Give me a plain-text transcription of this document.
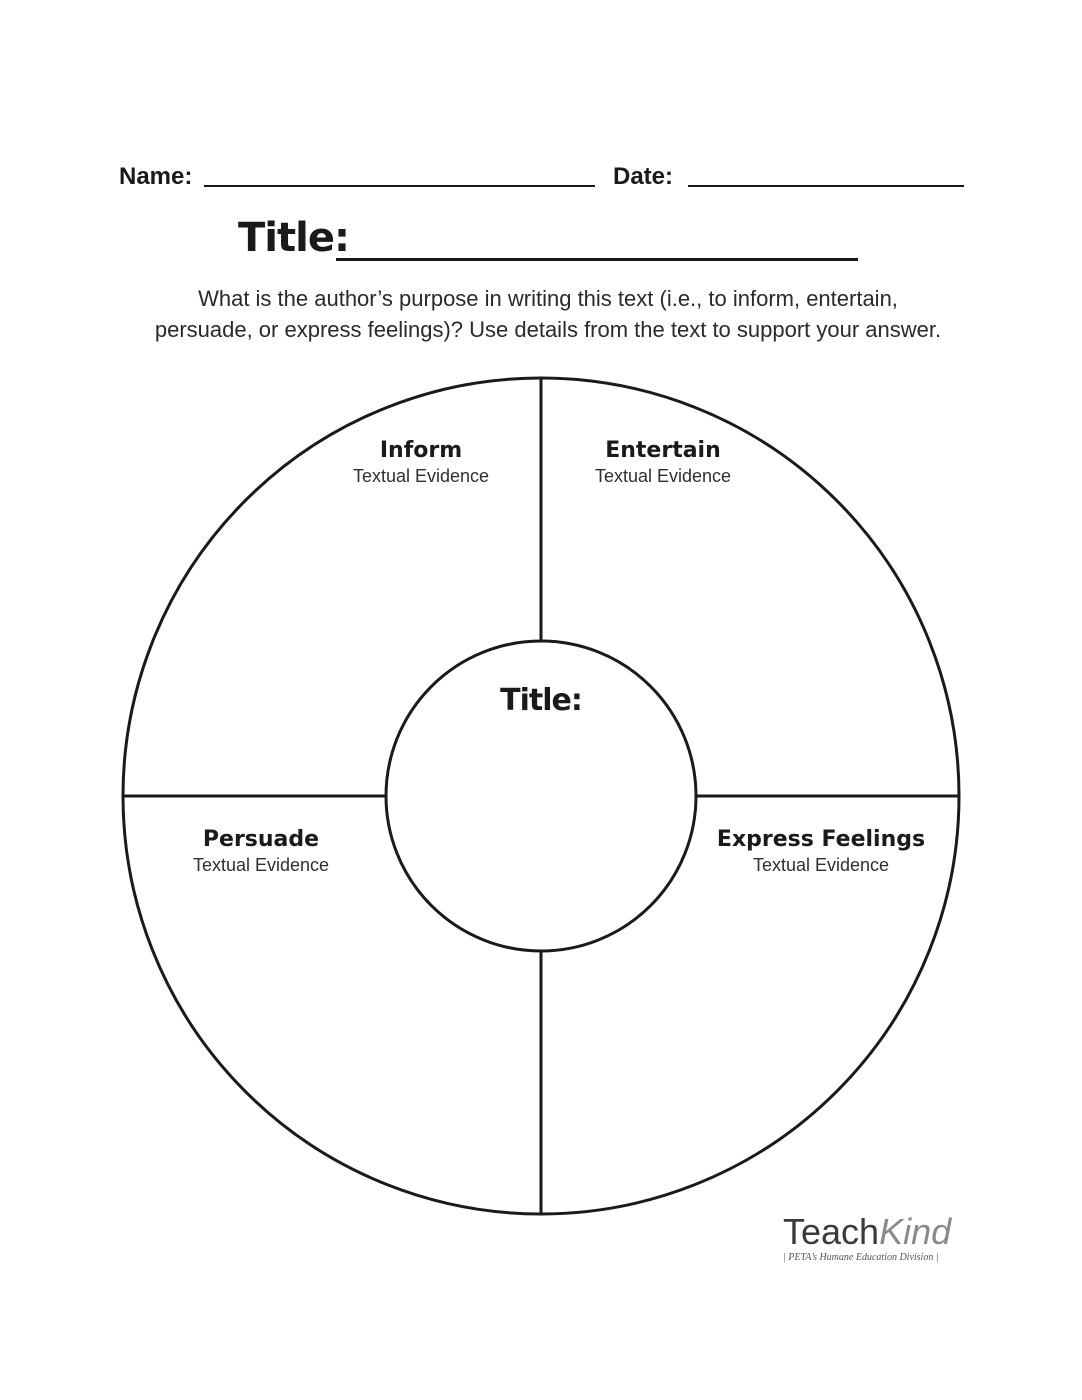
Name:	Date:
Title:
What is the author’s purpose in writing this text (i.e., to inform, entertain,
persuade, or express feelings)? Use details from the text to support your answer.
Inform
Textual Evidence
Entertain
Textual Evidence
Persuade
Textual Evidence
Express Feelings
Textual Evidence
Title:
TeachKind
| PETA’s Humane Education Division |
